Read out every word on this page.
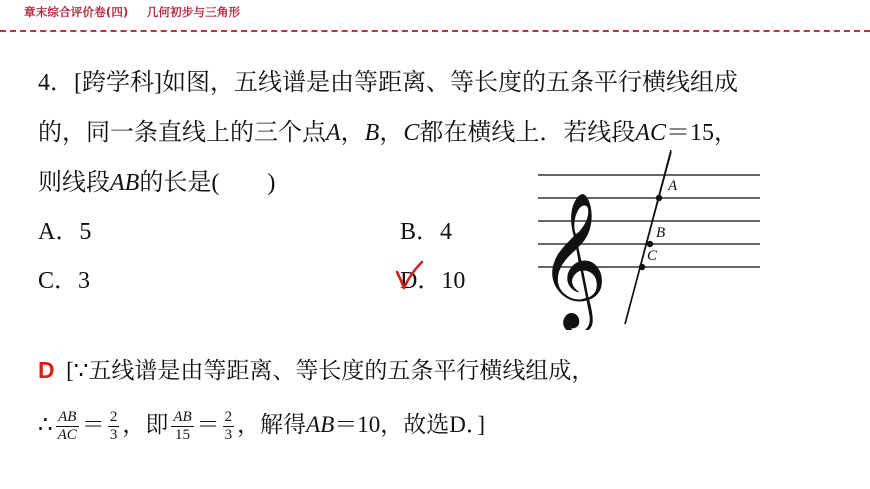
章末综合评价卷(四) 几何初步与三角形
4．[跨学科]如图，五线谱是由等距离、等长度的五条平行横线组成
的，同一条直线上的三个点A，B，C都在横线上．若线段AC＝15，
则线段AB的长是(　　)
A．5	B．4
C．3	D．10 𝄞
A
B
C
D [∵五线谱是由等距离、等长度的五条平行横线组成，
∴ $\frac{AB}{AC} = \frac{2}{3}$ ，即 $\frac{AB}{15} = \frac{2}{3}$ ，解得AB＝10，故选D．]
